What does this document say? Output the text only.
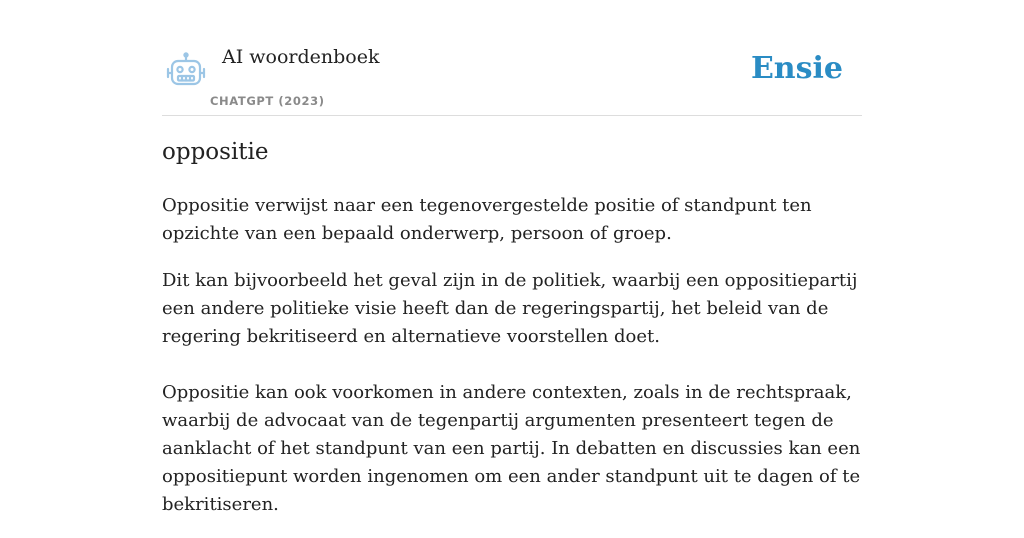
AI woordenboek
CHATGPT (2023)
Ensie
oppositie

Oppositie verwijst naar een tegenovergestelde positie of standpunt ten opzichte van een bepaald onderwerp, persoon of groep.

Dit kan bijvoorbeeld het geval zijn in de politiek, waarbij een oppositiepartij een andere politieke visie heeft dan de regeringspartij, het beleid van de regering bekritiseerd en alternatieve voorstellen doet.

Oppositie kan ook voorkomen in andere contexten, zoals in de rechtspraak, waarbij de advocaat van de tegenpartij argumenten presenteert tegen de aanklacht of het standpunt van een partij. In debatten en discussies kan een oppositiepunt worden ingenomen om een ander standpunt uit te dagen of te bekritiseren.
